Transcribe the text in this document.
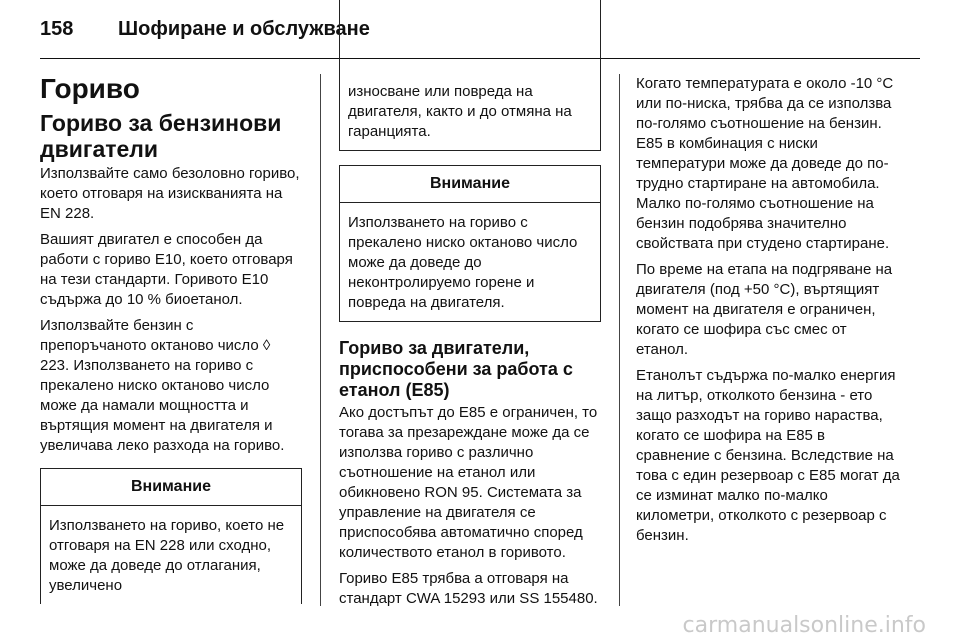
158 Шофиране и обслужване
Гориво
Гориво за бензинови двигатели

Използвайте само безоловно гориво, което отговаря на изискванията на EN 228.

Вашият двигател е способен да работи с гориво E10, което отговаря на тези стандарти. Горивото E10 съдържа до 10 % биоетанол.

Използвайте бензин с препоръчаното октаново число ◊ 223. Използването на гориво с прекалено ниско октаново число може да намали мощността и въртящия момент на двигателя и увеличава леко разхода на гориво.

Внимание
Използването на гориво, което не отговаря на EN 228 или сходно, може да доведе до отлагания, увеличено
износване или повреда на двигателя, както и до отмяна на гаранцията.
Внимание
Използването на гориво с прекалено ниско октаново число може да доведе до неконтролируемо горене и повреда на двигателя.
Гориво за двигатели, приспособени за работа с етанол (E85)

Ако достъпът до E85 е ограничен, то тогава за презареждане може да се използва гориво с различно съотношение на етанол или обикновено RON 95. Системата за управление на двигателя се приспособява автоматично според количеството етанол в горивото.

Гориво E85 трябва а отговаря на стандарт CWA 15293 или SS 155480.

Когато температурата е около -10 °C или по-ниска, трябва да се използва по-голямо съотношение на бензин. E85 в комбинация с ниски температури може да доведе до по-трудно стартиране на автомобила. Малко по-голямо съотношение на бензин подобрява значително свойствата при студено стартиране.

По време на етапа на подгряване на двигателя (под +50 °C), въртящият момент на двигателя е ограничен, когато се шофира със смес от етанол.

Етанолът съдържа по-малко енергия на литър, отколкото бензина - ето защо разходът на гориво нараства, когато се шофира на E85 в сравнение с бензина. Вследствие на това с един резервоар с E85 могат да се изминат малко по-малко километри, отколкото с резервоар с бензин.

carmanualsonline.info
